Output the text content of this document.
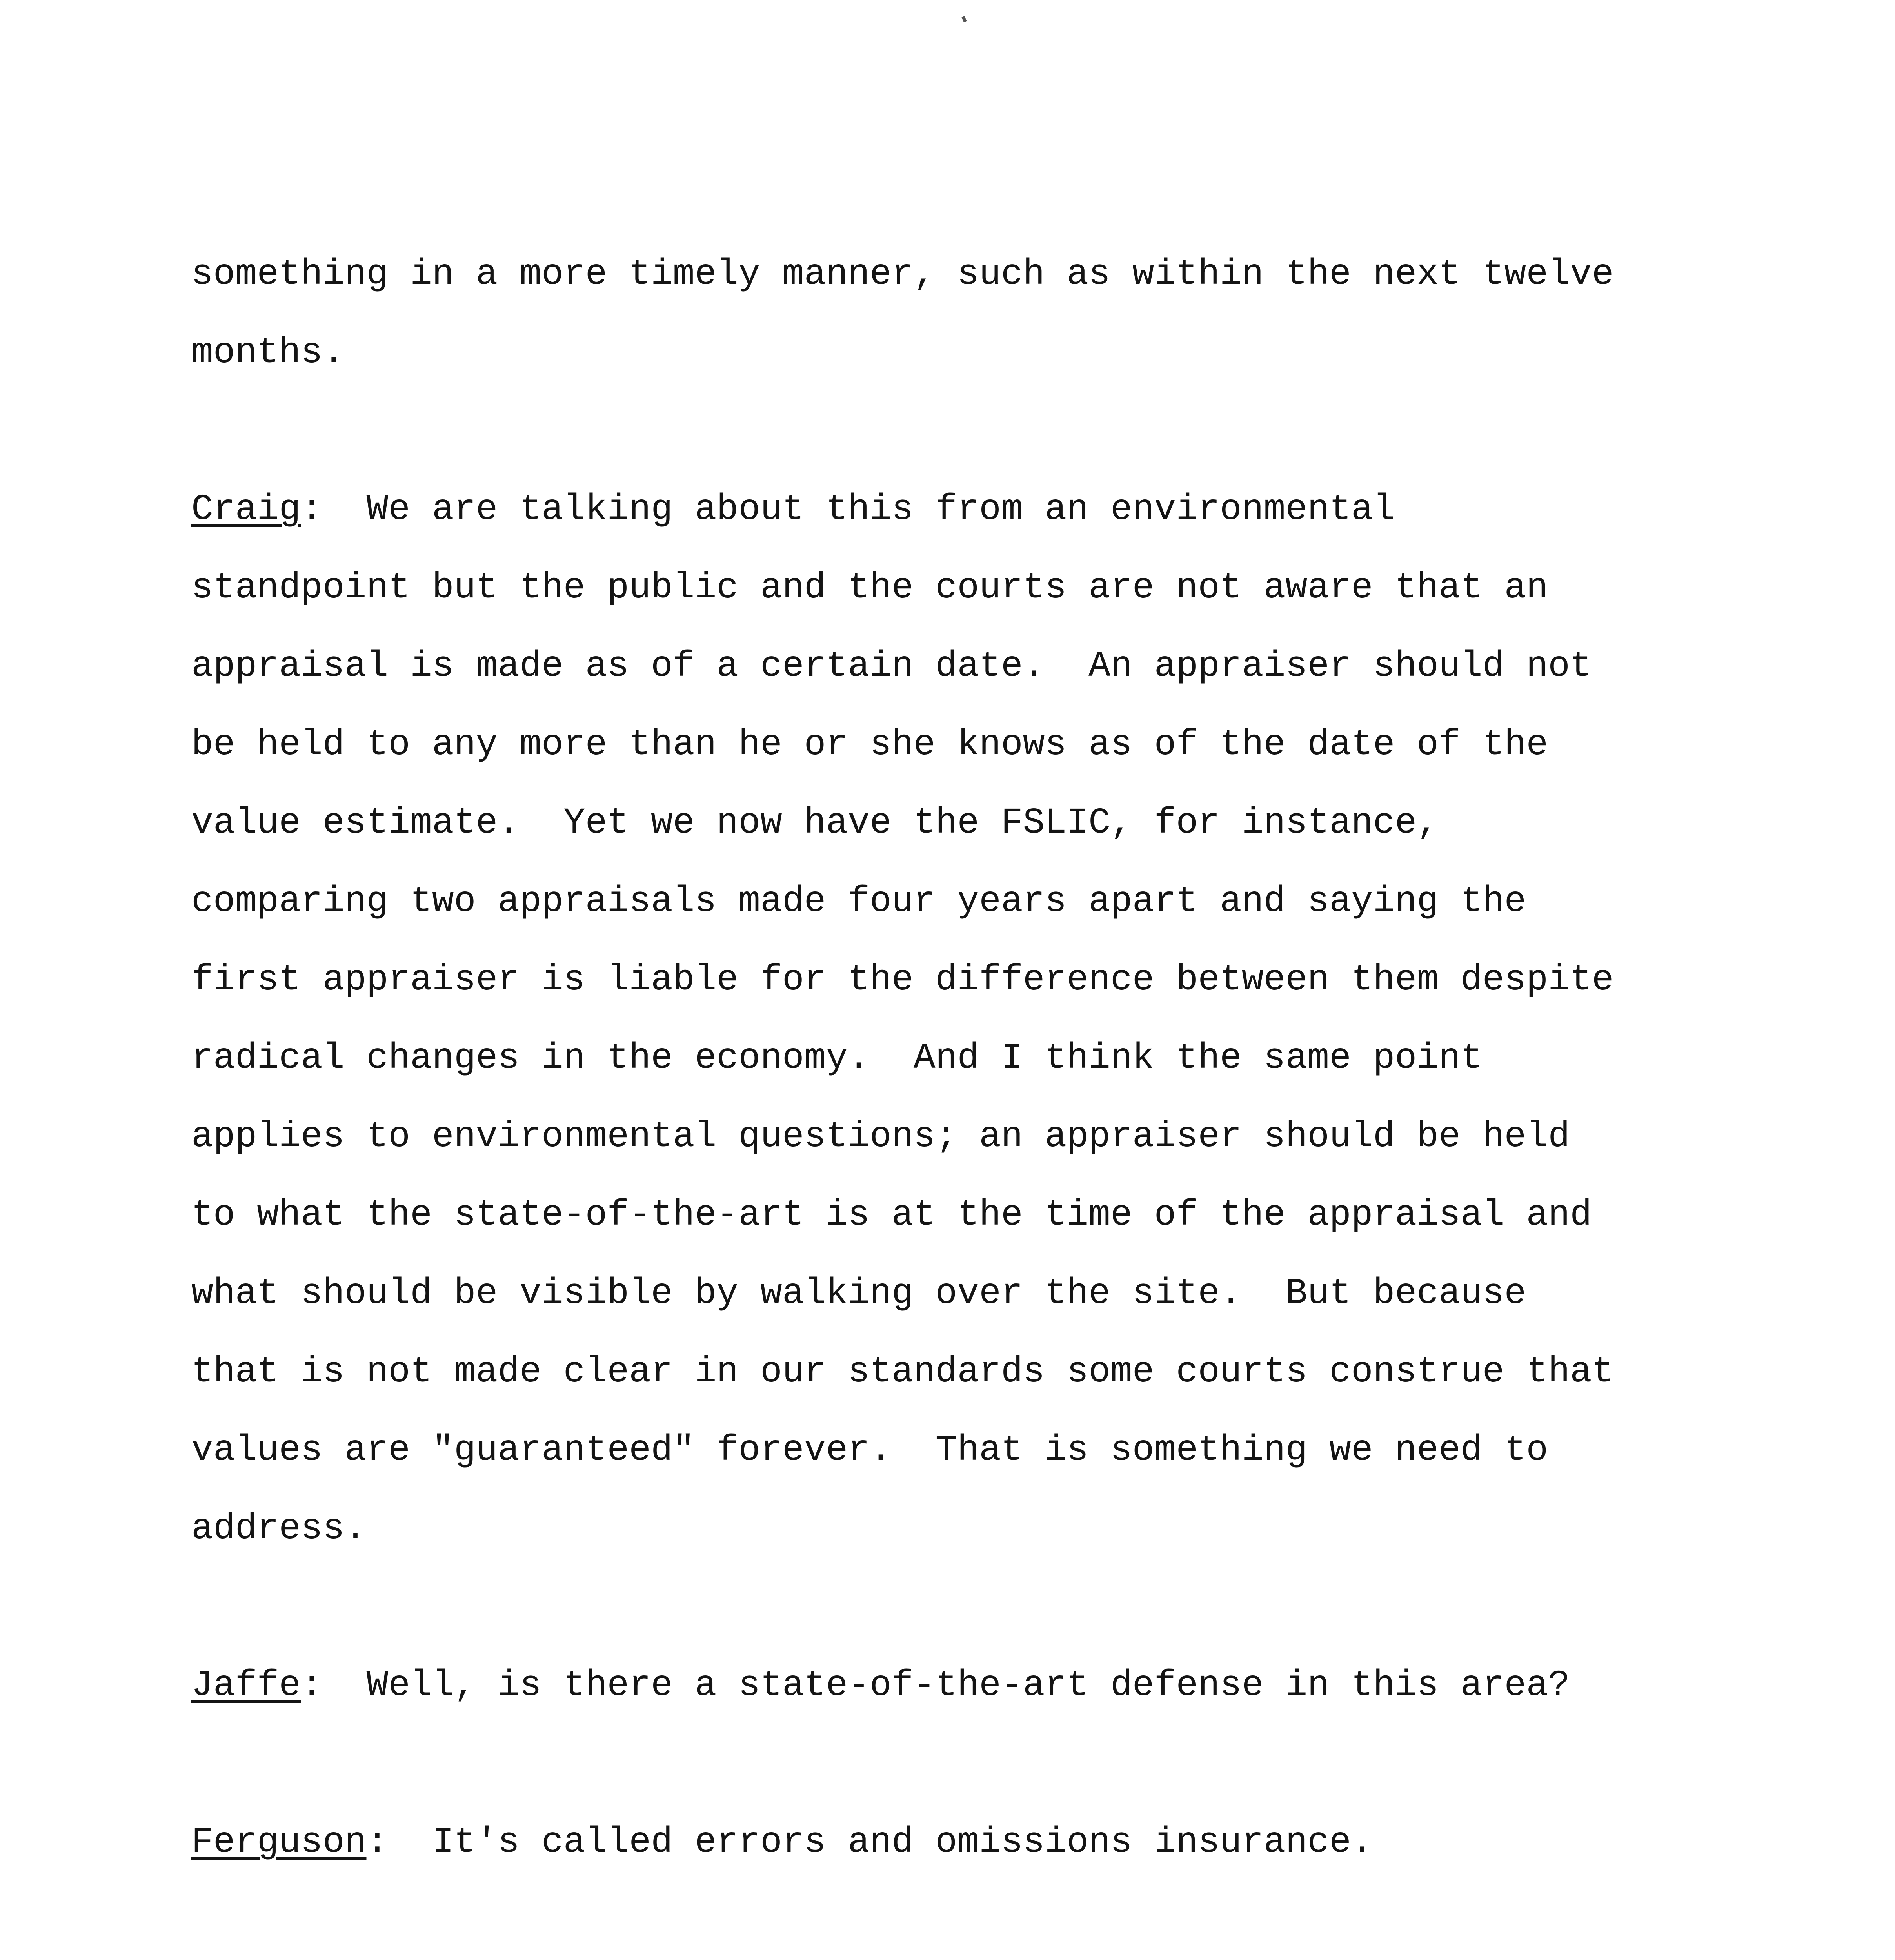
something in a more timely manner, such as within the next twelve

months.

Craig:  We are talking about this from an environmental

standpoint but the public and the courts are not aware that an

appraisal is made as of a certain date.  An appraiser should not

be held to any more than he or she knows as of the date of the

value estimate.  Yet we now have the FSLIC, for instance,

comparing two appraisals made four years apart and saying the

first appraiser is liable for the difference between them despite

radical changes in the economy.  And I think the same point

applies to environmental questions; an appraiser should be held

to what the state-of-the-art is at the time of the appraisal and

what should be visible by walking over the site.  But because

that is not made clear in our standards some courts construe that

values are "guaranteed" forever.  That is something we need to

address.

Jaffe:  Well, is there a state-of-the-art defense in this area?

Ferguson:  It's called errors and omissions insurance.
